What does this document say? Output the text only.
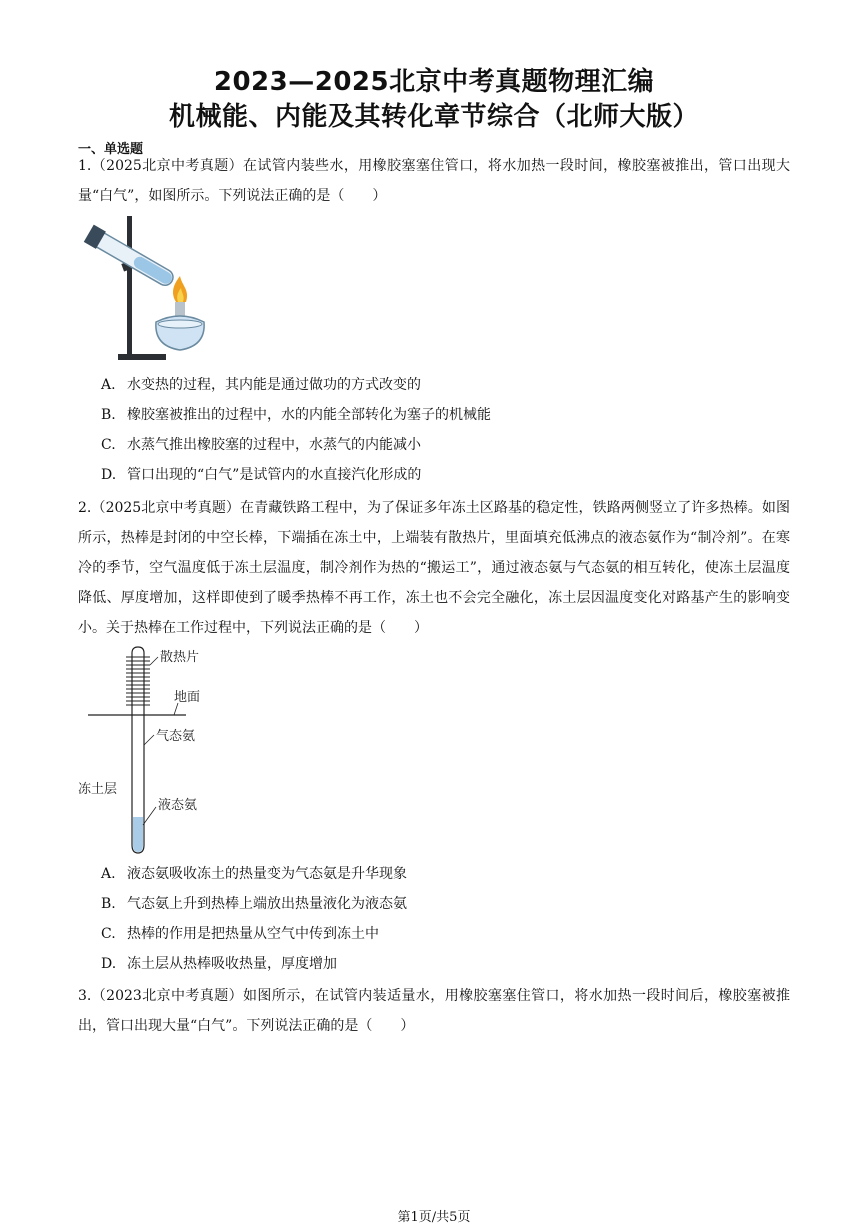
2023—2025北京中考真题物理汇编
机械能、内能及其转化章节综合（北师大版）
一、单选题
1.（2025北京中考真题）在试管内装些水，用橡胶塞塞住管口，将水加热一段时间，橡胶塞被推出，管口出现大量“白气”，如图所示。下列说法正确的是（　　）
A. 水变热的过程，其内能是通过做功的方式改变的
B. 橡胶塞被推出的过程中，水的内能全部转化为塞子的机械能
C. 水蒸气推出橡胶塞的过程中，水蒸气的内能减小
D. 管口出现的“白气”是试管内的水直接汽化形成的
2.（2025北京中考真题）在青藏铁路工程中，为了保证多年冻土区路基的稳定性，铁路两侧竖立了许多热棒。如图所示，热棒是封闭的中空长棒，下端插在冻土中，上端装有散热片，里面填充低沸点的液态氨作为“制冷剂”。在寒冷的季节，空气温度低于冻土层温度，制冷剂作为热的“搬运工”，通过液态氨与气态氨的相互转化，使冻土层温度降低、厚度增加，这样即使到了暖季热棒不再工作，冻土也不会完全融化，冻土层因温度变化对路基产生的影响变小。关于热棒在工作过程中，下列说法正确的是（　　）
散热片
地面
气态氨
冻土层
液态氨
A. 液态氨吸收冻土的热量变为气态氨是升华现象
B. 气态氨上升到热棒上端放出热量液化为液态氨
C. 热棒的作用是把热量从空气中传到冻土中
D. 冻土层从热棒吸收热量，厚度增加
3.（2023北京中考真题）如图所示，在试管内装适量水，用橡胶塞塞住管口，将水加热一段时间后，橡胶塞被推出，管口出现大量“白气”。下列说法正确的是（　　）
第1页/共5页
